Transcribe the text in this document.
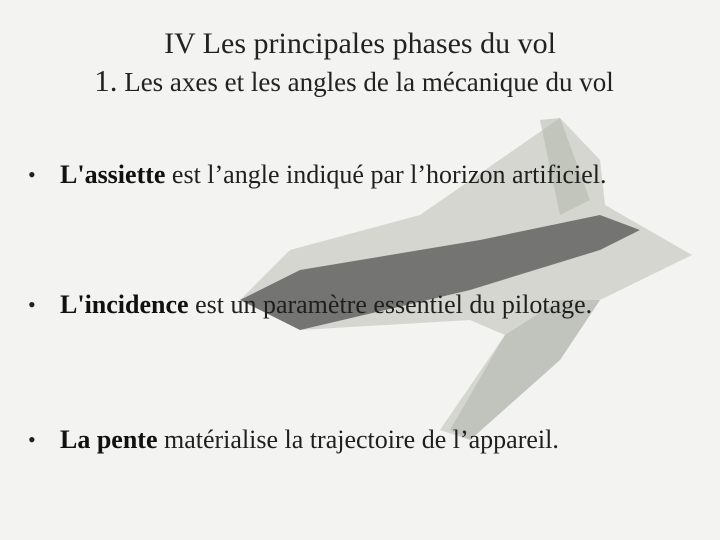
IV Les principales phases du vol
1. Les axes et les angles de la mécanique du vol
• L'assiette est l’angle indiqué par l’horizon artificiel.
• L'incidence est un paramètre essentiel du pilotage.
• La pente matérialise la trajectoire de l’appareil.
